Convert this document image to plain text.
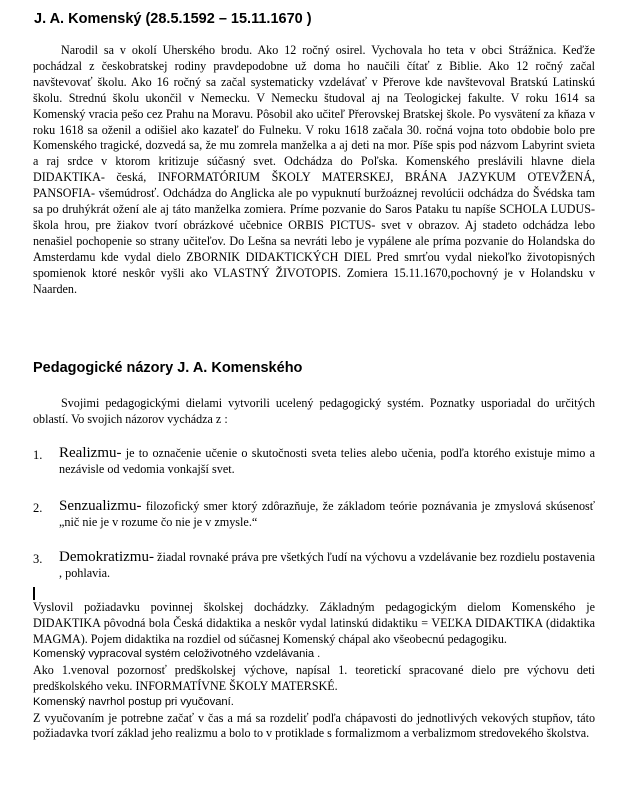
J. A. Komenský (28.5.1592 – 15.11.1670 )
Narodil sa v okolí Uherského brodu. Ako 12 ročný osirel. Vychovala ho teta v obci Strážnica. Keďže pochádzal z českobratskej rodiny pravdepodobne už doma ho naučili čítať z Biblie. Ako 12 ročný začal navštevovať školu. Ako 16 ročný sa začal systematicky vzdelávať v Přerove kde navštevoval Bratskú Latinskú školu. Strednú školu ukončil v Nemecku. V Nemecku študoval aj na Teologickej fakulte. V roku 1614 sa Komenský vracia pešo cez Prahu na Moravu. Pôsobil ako učiteľ Přerovskej Bratskej škole. Po vysvätení za kňaza v roku 1618 sa oženil a odišiel ako kazateľ do Fulneku. V roku 1618 začala 30. ročná vojna toto obdobie bolo pre Komenského tragické, dozvedá sa, že mu zomrela manželka a aj deti na mor. Píše spis pod názvom Labyrint svieta a raj srdce v ktorom kritizuje súčasný svet. Odchádza do Poľska. Komenského preslávili hlavne diela DIDAKTIKA- česká, INFORMATÓRIUM ŠKOLY MATERSKEJ, BRÁNA JAZYKUM OTEVŽENÁ, PANSOFIA- všemúdrosť. Odchádza do Anglicka ale po vypuknutí buržoáznej revolúcii odchádza do Švédska tam sa po druhýkrát ožení ale aj táto manželka zomiera. Príme pozvanie do Saros Pataku tu napíše SCHOLA LUDUS- škola hrou, pre žiakov tvorí obrázkové učebnice ORBIS PICTUS- svet v obrazov. Aj stadeto odchádza lebo nenašiel pochopenie so strany učiteľov. Do Lešna sa nevráti lebo je vypálene ale príma pozvanie do Holandska do Amsterdamu kde vydal dielo ZBORNIK DIDAKTICKÝCH DIEL Pred smrťou vydal niekoľko životopisných spomienok ktoré neskôr vyšli ako VLASTNÝ ŽIVOTOPIS. Zomiera 15.11.1670,pochovný je v Holandsku v Naarden.
Pedagogické názory J. A. Komenského
Svojimi pedagogickými dielami vytvorili ucelený pedagogický systém. Poznatky usporiadal do určitých oblastí. Vo svojich názorov vychádza z :
1. Realizmu- je to označenie učenie o skutočnosti sveta telies alebo učenia, podľa ktorého existuje mimo a nezávisle od vedomia vonkajší svet.
2. Senzualizmu- filozofický smer ktorý zdôrazňuje, že základom teórie poznávania je zmyslová skúsenosť „nič nie je v rozume čo nie je v zmysle.“
3. Demokratizmu- žiadal rovnaké práva pre všetkých ľudí na výchovu a vzdelávanie bez rozdielu postavenia , pohlavia.
Vyslovil požiadavku povinnej školskej dochádzky. Základným pedagogickým dielom Komenského je DIDAKTIKA pôvodná bola Česká didaktika a neskôr vydal latinskú didaktiku = VEĽKA DIDAKTIKA (didaktika MAGMA). Pojem didaktika na rozdiel od súčasnej Komenský chápal ako všeobecnú pedagogiku.
Komenský vypracoval systém celoživotného vzdelávania .
Ako 1.venoval pozornosť predškolskej výchove, napísal 1. teoretickí spracované dielo pre výchovu deti predškolského veku. INFORMATÍVNE ŠKOLY MATERSKÉ.
Komenský navrhol postup pri vyučovaní.
Z vyučovaním je potrebne začať v čas a má sa rozdeliť podľa chápavosti do jednotlivých vekových stupňov, táto požiadavka tvorí základ jeho realizmu a bolo to v protiklade s formalizmom a verbalizmom stredovekého školstva.
